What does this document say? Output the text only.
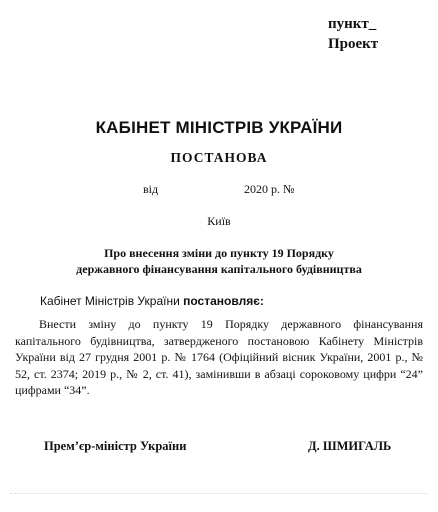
пункт_
Проект
КАБІНЕТ МІНІСТРІВ УКРАЇНИ
ПОСТАНОВА
від	2020 р. №
Київ
Про внесення зміни до пункту 19 Порядку
державного фінансування капітального будівництва
Кабінет Міністрів України постановляє:
Внести зміну до пункту 19 Порядку державного фінансування капітального будівництва, затвердженого постановою Кабінету Міністрів України від 27 грудня 2001 р. № 1764 (Офіційний вісник України, 2001 р., № 52, ст. 2374; 2019 р., № 2, ст. 41), замінивши в абзаці сороковому цифри “24” цифрами “34”.
Прем’єр-міністр України	Д. ШМИГАЛЬ
